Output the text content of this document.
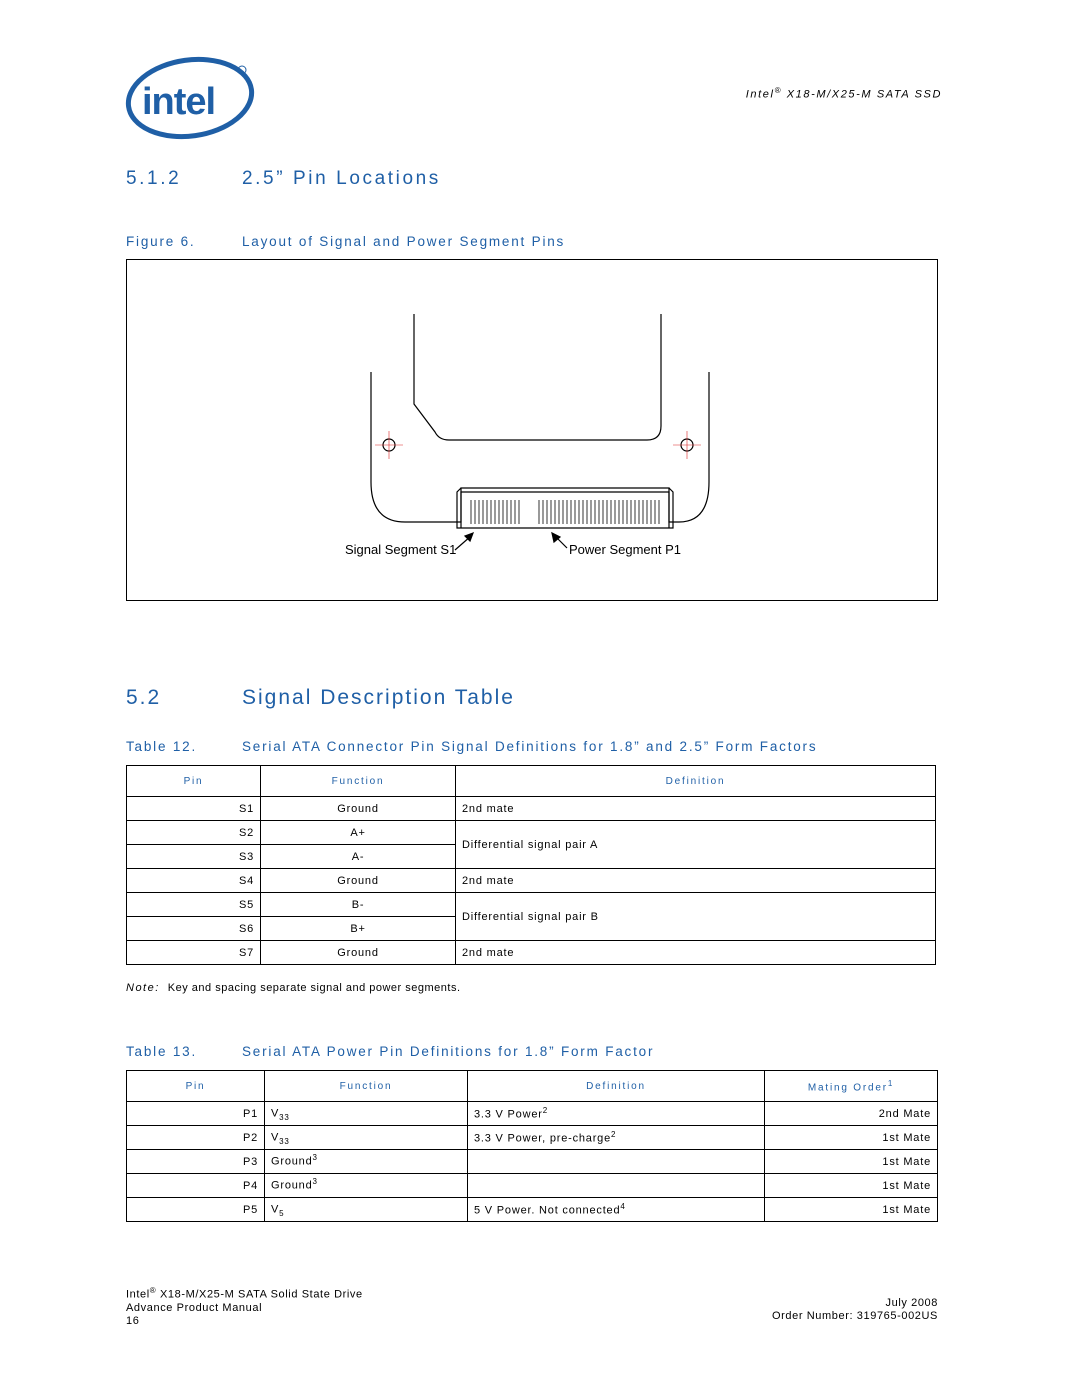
intel	Intel® X18-M/X25-M SATA SSD
5.1.2	2.5” Pin Locations
Figure 6.	Layout of Signal and Power Segment Pins
Signal Segment S1	Power Segment P1
5.2	Signal Description Table
Table 12.	Serial ATA Connector Pin Signal Definitions for 1.8” and 2.5” Form Factors
Pin	Function	Definition
S1	Ground	2nd mate
S2	A+	Differential signal pair A
S3	A-	
S4	Ground	2nd mate
S5	B-	Differential signal pair B
S6	B+	
S7	Ground	2nd mate
Note: Key and spacing separate signal and power segments.
Table 13.	Serial ATA Power Pin Definitions for 1.8” Form Factor
Pin	Function	Definition	Mating Order$^1$
P1	$V_{33}$	3.3 V Power$^2$	2nd Mate
P2	$V_{33}$	3.3 V Power, pre-charge$^2$	1st Mate
P3	Ground$^3$		1st Mate
P4	Ground$^3$		1st Mate
P5	$V_5$	5 V Power. Not connected$^4$	1st Mate
Intel® X18-M/X25-M SATA Solid State Drive
Advance Product Manual
16
July 2008
Order Number: 319765-002US
